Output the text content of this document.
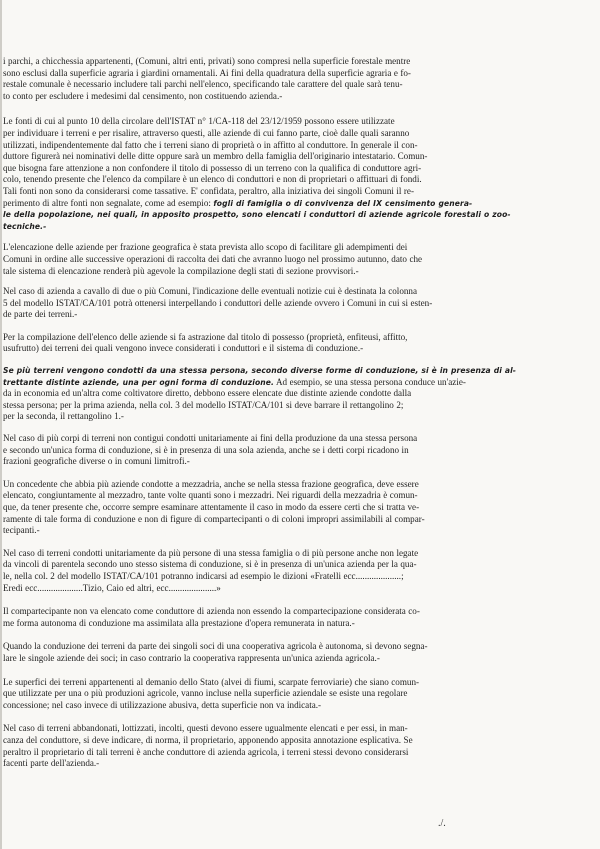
i parchi, a chicchessia appartenenti, (Comuni, altri enti, privati) sono compresi nella superficie forestale mentre
sono esclusi dalla superficie agraria i giardini ornamentali. Ai fini della quadratura della superficie agraria e fo-
restale comunale è necessario includere tali parchi nell'elenco, specificando tale carattere del quale sarà tenu-
to conto per escludere i medesimi dal censimento, non costituendo azienda.-
Le fonti di cui al punto 10 della circolare dell'ISTAT n° 1/CA-118 del 23/12/1959 possono essere utilizzate
per individuare i terreni e per risalire, attraverso questi, alle aziende di cui fanno parte, cioè dalle quali saranno
utilizzati, indipendentemente dal fatto che i terreni siano di proprietà o in affitto al conduttore. In generale il con-
duttore figurerà nei nominativi delle ditte oppure sarà un membro della famiglia dell'originario intestatario. Comun-
que bisogna fare attenzione a non confondere il titolo di possesso di un terreno con la qualifica di conduttore agri-
colo, tenendo presente che l'elenco da compilare è un elenco di conduttori e non di proprietari o affittuari di fondi.
Tali fonti non sono da considerarsi come tassative. E' confidata, peraltro, alla iniziativa dei singoli Comuni il re-
perimento di altre fonti non segnalate, come ad esempio: fogli di famiglia o di convivenza del IX censimento genera-
le della popolazione, nei quali, in apposito prospetto, sono elencati i conduttori di aziende agricole forestali o zoo-
tecniche.-
L'elencazione delle aziende per frazione geografica è stata prevista allo scopo di facilitare gli adempimenti dei
Comuni in ordine alle successive operazioni di raccolta dei dati che avranno luogo nel prossimo autunno, dato che
tale sistema di elencazione renderà più agevole la compilazione degli stati di sezione provvisori.-
Nel caso di azienda a cavallo di due o più Comuni, l'indicazione delle eventuali notizie cui è destinata la colonna
5 del modello ISTAT/CA/101 potrà ottenersi interpellando i conduttori delle aziende ovvero i Comuni in cui si esten-
de parte dei terreni.-
Per la compilazione dell'elenco delle aziende si fa astrazione dal titolo di possesso (proprietà, enfiteusi, affitto,
usufrutto) dei terreni dei quali vengono invece considerati i conduttori e il sistema di conduzione.-
Se più terreni vengono condotti da una stessa persona, secondo diverse forme di conduzione, si è in presenza di al-
trettante distinte aziende, una per ogni forma di conduzione. Ad esempio, se una stessa persona conduce un'azie-
da in economia ed un'altra come coltivatore diretto, debbono essere elencate due distinte aziende condotte dalla
stessa persona; per la prima azienda, nella col. 3 del modello ISTAT/CA/101 si deve barrare il rettangolino 2;
per la seconda, il rettangolino 1.-
Nel caso di più corpi di terreni non contigui condotti unitariamente ai fini della produzione da una stessa persona
e secondo un'unica forma di conduzione, si è in presenza di una sola azienda, anche se i detti corpi ricadono in
frazioni geografiche diverse o in comuni limitrofi.-
Un concedente che abbia più aziende condotte a mezzadria, anche se nella stessa frazione geografica, deve essere
elencato, congiuntamente al mezzadro, tante volte quanti sono i mezzadri. Nei riguardi della mezzadria è comun-
que, da tener presente che, occorre sempre esaminare attentamente il caso in modo da essere certi che si tratta ve-
ramente di tale forma di conduzione e non di figure di compartecipanti o di coloni impropri assimilabili al compar-
tecipanti.-
Nel caso di terreni condotti unitariamente da più persone di una stessa famiglia o di più persone anche non legate
da vincoli di parentela secondo uno stesso sistema di conduzione, si è in presenza di un'unica azienda per la qua-
le, nella col. 2 del modello ISTAT/CA/101 potranno indicarsi ad esempio le dizioni «Fratelli ecc....................;
Eredi ecc....................Tizio, Caio ed altri, ecc.....................»
Il compartecipante non va elencato come conduttore di azienda non essendo la compartecipazione considerata co-
me forma autonoma di conduzione ma assimilata alla prestazione d'opera remunerata in natura.-
Quando la conduzione dei terreni da parte dei singoli soci di una cooperativa agricola è autonoma, si devono segna-
lare le singole aziende dei soci; in caso contrario la cooperativa rappresenta un'unica azienda agricola.-
Le superfici dei terreni appartenenti al demanio dello Stato (alvei di fiumi, scarpate ferroviarie) che siano comun-
que utilizzate per una o più produzioni agricole, vanno incluse nella superficie aziendale se esiste una regolare
concessione; nel caso invece di utilizzazione abusiva, detta superficie non va indicata.-
Nel caso di terreni abbandonati, lottizzati, incolti, questi devono essere ugualmente elencati e per essi, in man-
canza del conduttore, si deve indicare, di norma, il proprietario, apponendo apposita annotazione esplicativa. Se
peraltro il proprietario di tali terreni è anche conduttore di azienda agricola, i terreni stessi devono considerarsi
facenti parte dell'azienda.-
./.
